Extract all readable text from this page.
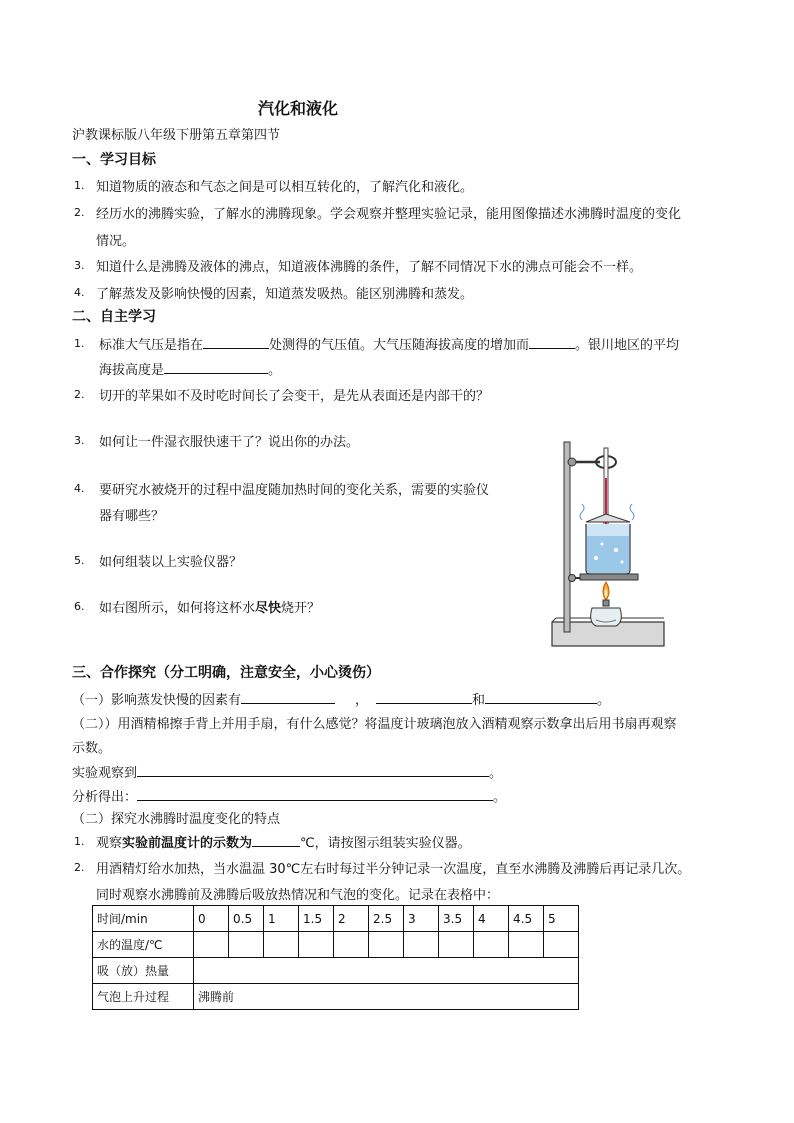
汽化和液化
沪教课标版八年级下册第五章第四节
一、学习目标
1. 知道物质的液态和气态之间是可以相互转化的，了解汽化和液化。
2. 经历水的沸腾实验，了解水的沸腾现象。学会观察并整理实验记录，能用图像描述水沸腾时温度的变化
情况。
3. 知道什么是沸腾及液体的沸点，知道液体沸腾的条件，了解不同情况下水的沸点可能会不一样。
4. 了解蒸发及影响快慢的因素，知道蒸发吸热。能区别沸腾和蒸发。
二、自主学习
1. 标准大气压是指在	处测得的气压值。大气压随海拔高度的增加而	。银川地区的平均
海拔高度是	。
2. 切开的苹果如不及时吃时间长了会变干，是先从表面还是内部干的？
3. 如何让一件湿衣服快速干了？说出你的办法。
4. 要研究水被烧开的过程中温度随加热时间的变化关系，需要的实验仪
器有哪些？
5. 如何组装以上实验仪器？
6. 如右图所示，如何将这杯水尽快烧开？
三、合作探究（分工明确，注意安全，小心烫伤）
（一）影响蒸发快慢的因素有	，	和	。
（二））用酒精棉擦手背上并用手扇，有什么感觉？将温度计玻璃泡放入酒精观察示数拿出后用书扇再观察
示数。
实验观察到	。
分析得出：	。
（二）探究水沸腾时温度变化的特点
1. 观察实验前温度计的示数为	℃，请按图示组装实验仪器。
2. 用酒精灯给水加热，当水温温 30℃左右时每过半分钟记录一次温度，直至水沸腾及沸腾后再记录几次。
同时观察水沸腾前及沸腾后吸放热情况和气泡的变化。记录在表格中：
时间/min	0	0.5	1	1.5	2	2.5	3	3.5	4	4.5	5
水的温度/℃											
吸（放）热量											
气泡上升过程	沸腾前										
